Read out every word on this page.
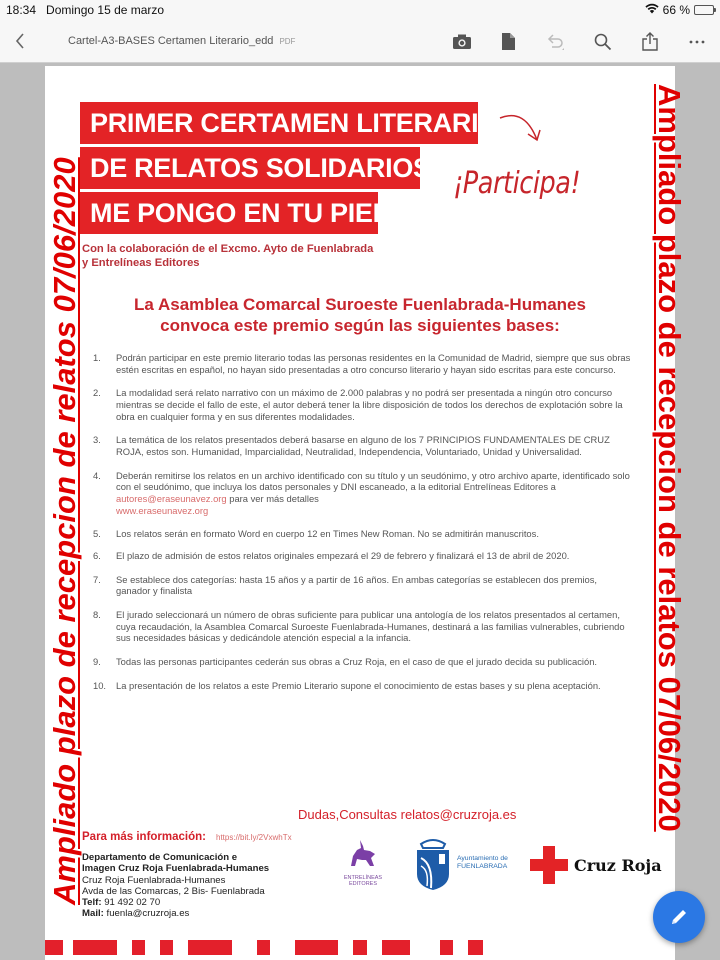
18:34 Domingo 15 de marzo	66 %
Cartel-A3-BASES Certamen Literario_edd PDF
PRIMER CERTAMEN LITERARIO
DE RELATOS SOLIDARIOS
ME PONGO EN TU PIEL
¡Participa!
Con la colaboración de el Excmo. Ayto de Fuenlabrada
y Entrelíneas Editores
La Asamblea Comarcal Suroeste Fuenlabrada-Humanes
convoca este premio según las siguientes bases:
1.	Podrán participar en este premio literario todas las personas residentes en la Comunidad de Madrid, siempre que sus obras estén escritas en español, no hayan sido presentadas a otro concurso literario y hayan sido escritas para este concurso.
2.	La modalidad será relato narrativo con un máximo de 2.000 palabras y no podrá ser presentada a ningún otro concurso mientras se decide el fallo de este, el autor deberá tener la libre disposición de todos los derechos de explotación sobre la obra en cualquier forma y en sus diferentes modalidades.
3.	La temática de los relatos presentados deberá basarse en alguno de los 7 PRINCIPIOS FUNDAMENTALES DE CRUZ ROJA, estos son. Humanidad, Imparcialidad, Neutralidad, Independencia, Voluntariado, Unidad y Universalidad.
4.	Deberán remitirse los relatos en un archivo identificado con su título y un seudónimo, y otro archivo aparte, identificado solo con el seudónimo, que incluya los datos personales y DNI escaneado, a la editorial Entrelíneas Editores a autores@eraseunavez.org para ver más detalles
www.eraseunavez.org
5.	Los relatos serán en formato Word en cuerpo 12 en Times New Roman. No se admitirán manuscritos.
6.	El plazo de admisión de estos relatos originales empezará el 29 de febrero y finalizará el 13 de abril de 2020.
7.	Se establece dos categorías: hasta 15 años y a partir de 16 años. En ambas categorías se establecen dos premios, ganador y finalista
8.	El jurado seleccionará un número de obras suficiente para publicar una antología de los relatos presentados al certamen, cuya recaudación, la Asamblea Comarcal Suroeste Fuenlabrada-Humanes, destinará a las familias vulnerables, cubriendo sus necesidades básicas y dedicándole atención especial a la infancia.
9.	Todas las personas participantes cederán sus obras a Cruz Roja, en el caso de que el jurado decida su publicación.
10.	La presentación de los relatos a este Premio Literario supone el conocimiento de estas bases y su plena aceptación.
Dudas,Consultas relatos@cruzroja.es
Para más información: https://bit.ly/2VxwhTx
Departamento de Comunicación e
Imagen Cruz Roja Fuenlabrada-Humanes
Cruz Roja Fuenlabrada-Humanes
Avda de las Comarcas, 2 Bis- Fuenlabrada
Telf: 91 492 02 70
Mail: fuenla@cruzroja.es
ENTRELÍNEAS
EDITORES
Ayuntamiento de
FUENLABRADA	Cruz Roja
Ampliado plazo de recepcion de relatos 07/06/2020	Ampliado plazo de recepcion de relatos 07/06/2020
